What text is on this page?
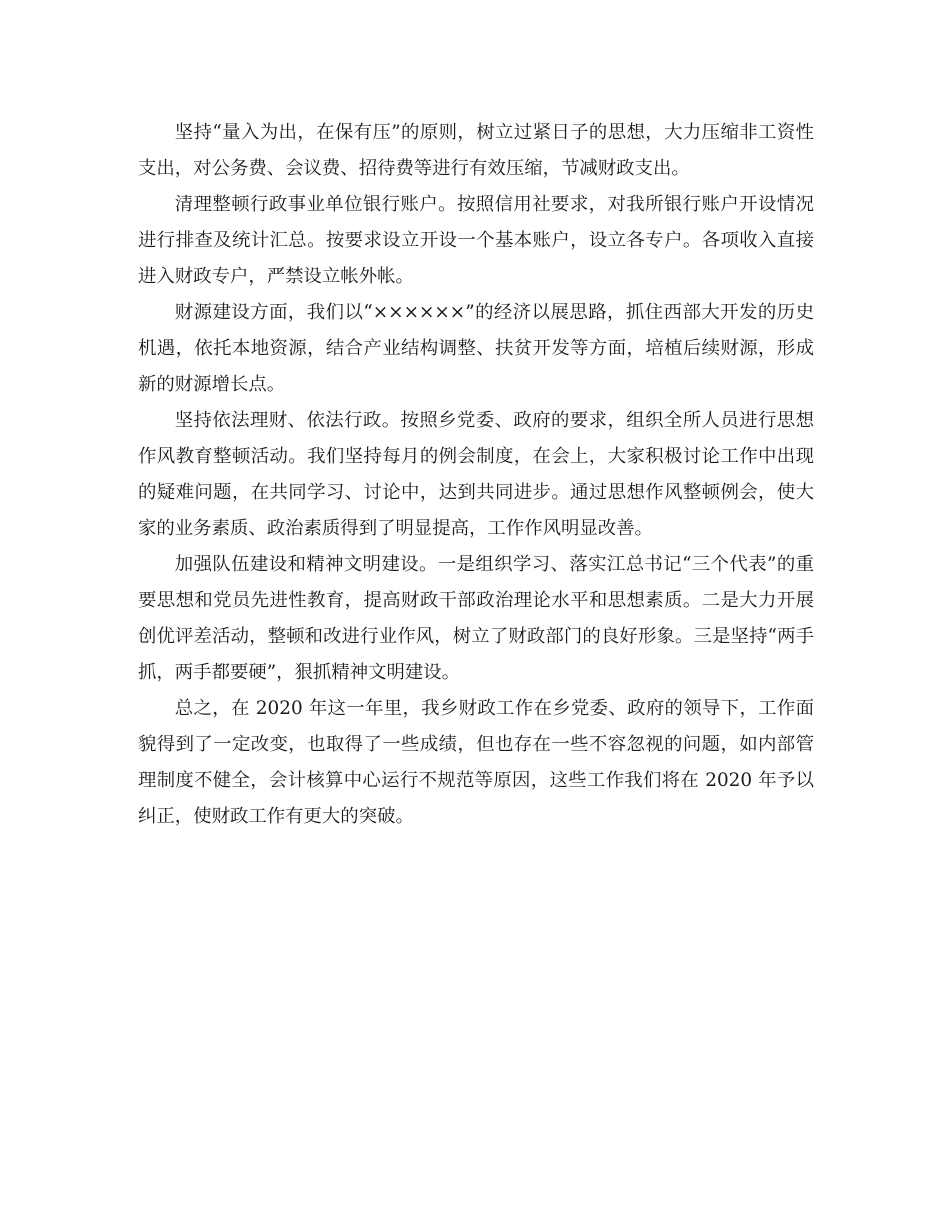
坚持“量入为出，在保有压”的原则，树立过紧日子的思想，大力压缩非工资性支出，对公务费、会议费、招待费等进行有效压缩，节减财政支出。

清理整顿行政事业单位银行账户。按照信用社要求，对我所银行账户开设情况进行排查及统计汇总。按要求设立开设一个基本账户，设立各专户。各项收入直接进入财政专户，严禁设立帐外帐。

财源建设方面，我们以“××××××”的经济以展思路，抓住西部大开发的历史机遇，依托本地资源，结合产业结构调整、扶贫开发等方面，培植后续财源，形成新的财源增长点。

坚持依法理财、依法行政。按照乡党委、政府的要求，组织全所人员进行思想作风教育整顿活动。我们坚持每月的例会制度，在会上，大家积极讨论工作中出现的疑难问题，在共同学习、讨论中，达到共同进步。通过思想作风整顿例会，使大家的业务素质、政治素质得到了明显提高，工作作风明显改善。

加强队伍建设和精神文明建设。一是组织学习、落实江总书记“三个代表”的重要思想和党员先进性教育，提高财政干部政治理论水平和思想素质。二是大力开展创优评差活动，整顿和改进行业作风，树立了财政部门的良好形象。三是坚持“两手抓，两手都要硬”，狠抓精神文明建设。

总之，在 2020 年这一年里，我乡财政工作在乡党委、政府的领导下，工作面貌得到了一定改变，也取得了一些成绩，但也存在一些不容忽视的问题，如内部管理制度不健全，会计核算中心运行不规范等原因，这些工作我们将在 2020 年予以纠正，使财政工作有更大的突破。
